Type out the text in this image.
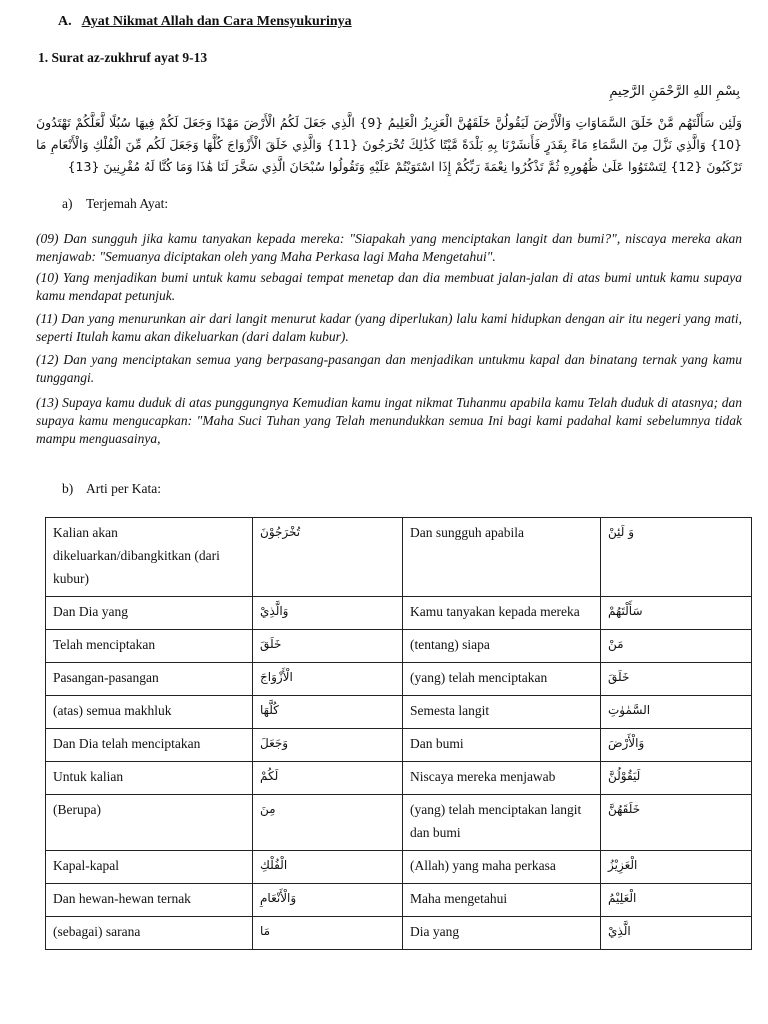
A. Ayat Nikmat Allah dan Cara Mensyukurinya
1. Surat az-zukhruf ayat 9-13
بِسْمِ اللهِ الرَّحْمَنِ الرَّحِيمِ
وَلَئِن سَأَلْتَهُم مَّنْ خَلَقَ السَّمَاوَاتِ وَالْأَرْضَ لَيَقُولُنَّ خَلَقَهُنَّ الْعَزِيزُ الْعَلِيمُ {9} الَّذِي جَعَلَ لَكُمُ الْأَرْضَ مَهْدًا وَجَعَلَ لَكُمْ فِيهَا سُبُلًا لَّعَلَّكُمْ تَهْتَدُونَ {10} وَالَّذِي نَزَّلَ مِنَ السَّمَاءِ مَاءً بِقَدَرٍ فَأَنشَرْنَا بِهِ بَلْدَةً مَّيْتًا كَذَٰلِكَ تُخْرَجُونَ {11} وَالَّذِي خَلَقَ الْأَزْوَاجَ كُلَّهَا وَجَعَلَ لَكُم مِّنَ الْفُلْكِ وَالْأَنْعَامِ مَا تَرْكَبُونَ {12} لِتَسْتَوُوا عَلَىٰ ظُهُورِهِ ثُمَّ تَذْكُرُوا نِعْمَةَ رَبِّكُمْ إِذَا اسْتَوَيْتُمْ عَلَيْهِ وَتَقُولُوا سُبْحَانَ الَّذِي سَخَّرَ لَنَا هَٰذَا وَمَا كُنَّا لَهُ مُقْرِنِينَ {13}
a) Terjemah Ayat:
(09) Dan sungguh jika kamu tanyakan kepada mereka: "Siapakah yang menciptakan langit dan bumi?", niscaya mereka akan menjawab: "Semuanya diciptakan oleh yang Maha Perkasa lagi Maha Mengetahui".
(10) Yang menjadikan bumi untuk kamu sebagai tempat menetap dan dia membuat jalan-jalan di atas bumi untuk kamu supaya kamu mendapat petunjuk.
(11) Dan yang menurunkan air dari langit menurut kadar (yang diperlukan) lalu kami hidupkan dengan air itu negeri yang mati, seperti Itulah kamu akan dikeluarkan (dari dalam kubur).
(12) Dan yang menciptakan semua yang berpasang-pasangan dan menjadikan untukmu kapal dan binatang ternak yang kamu tunggangi.
(13) Supaya kamu duduk di atas punggungnya Kemudian kamu ingat nikmat Tuhanmu apabila kamu Telah duduk di atasnya; dan supaya kamu mengucapkan: "Maha Suci Tuhan yang Telah menundukkan semua Ini bagi kami padahal kami sebelumnya tidak mampu menguasainya,
b) Arti per Kata:
Kalian akan dikeluarkan/dibangkitkan (dari kubur)	تُخْرَجُوْنَ	Dan sungguh apabila	وَ لَئِنْ
Dan Dia yang	وَالَّذِيْ	Kamu tanyakan kepada mereka	سَأَلْتَهُمْ
Telah menciptakan	خَلَقَ	(tentang) siapa	مَنْ
Pasangan-pasangan	الْأَزْوَاجَ	(yang) telah menciptakan	خَلَقَ
(atas) semua makhluk	كُلَّهَا	Semesta langit	السَّمٰوٰتِ
Dan Dia telah menciptakan	وَجَعَلَ	Dan bumi	وَالْأَرْضَ
Untuk kalian	لَكُمْ	Niscaya mereka menjawab	لَيَقُوْلُنَّ
(Berupa)	مِنَ	(yang) telah menciptakan langit dan bumi	خَلَقَهُنَّ
Kapal-kapal	الْفُلْكِ	(Allah) yang maha perkasa	الْعَزِيْزُ
Dan hewan-hewan ternak	وَالْأَنْعَامِ	Maha mengetahui	الْعَلِيْمُ
(sebagai) sarana	مَا	Dia yang	الَّذِيْ
